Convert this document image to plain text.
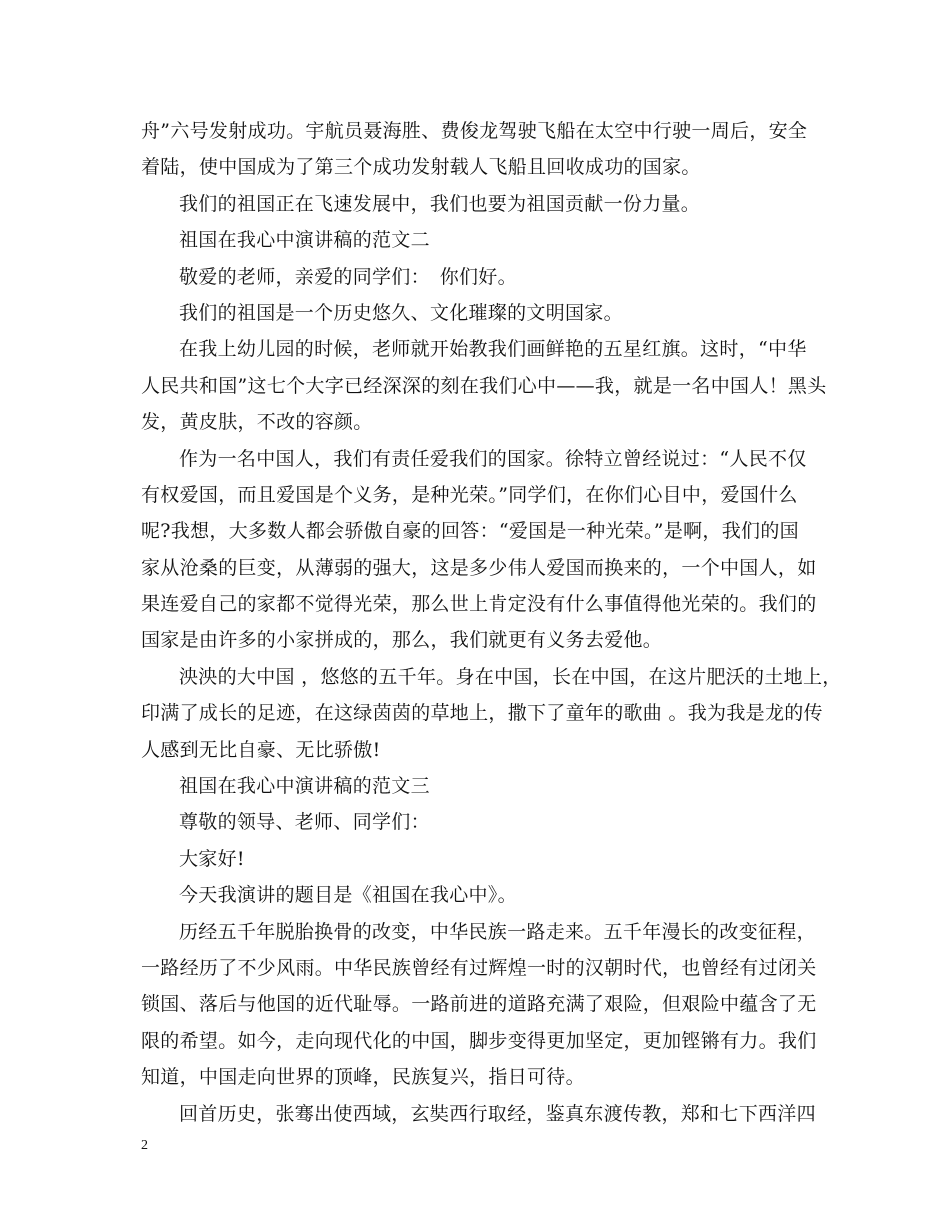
舟”六号发射成功。宇航员聂海胜、费俊龙驾驶飞船在太空中行驶一周后，安全
着陆，使中国成为了第三个成功发射载人飞船且回收成功的国家。
我们的祖国正在飞速发展中，我们也要为祖国贡献一份力量。
祖国在我心中演讲稿的范文二
敬爱的老师，亲爱的同学们：　你们好。
我们的祖国是一个历史悠久、文化璀璨的文明国家。
在我上幼儿园的时候，老师就开始教我们画鲜艳的五星红旗。这时，“中华
人民共和国”这七个大字已经深深的刻在我们心中——我，就是一名中国人！黑头
发，黄皮肤，不改的容颜。
作为一名中国人，我们有责任爱我们的国家。徐特立曾经说过：“人民不仅
有权爱国，而且爱国是个义务，是种光荣。”同学们，在你们心目中，爱国什么
呢?我想，大多数人都会骄傲自豪的回答：“爱国是一种光荣。”是啊，我们的国
家从沧桑的巨变，从薄弱的强大，这是多少伟人爱国而换来的，一个中国人，如
果连爱自己的家都不觉得光荣，那么世上肯定没有什么事值得他光荣的。我们的
国家是由许多的小家拼成的，那么，我们就更有义务去爱他。
泱泱的大中国 ，悠悠的五千年。身在中国，长在中国，在这片肥沃的土地上，
印满了成长的足迹，在这绿茵茵的草地上，撒下了童年的歌曲 。我为我是龙的传
人感到无比自豪、无比骄傲!
祖国在我心中演讲稿的范文三
尊敬的领导、老师、同学们：
大家好!
今天我演讲的题目是《祖国在我心中》。
历经五千年脱胎换骨的改变，中华民族一路走来。五千年漫长的改变征程，
一路经历了不少风雨。中华民族曾经有过辉煌一时的汉朝时代，也曾经有过闭关
锁国、落后与他国的近代耻辱。一路前进的道路充满了艰险，但艰险中蕴含了无
限的希望。如今，走向现代化的中国，脚步变得更加坚定，更加铿锵有力。我们
知道，中国走向世界的顶峰，民族复兴，指日可待。
回首历史，张骞出使西域，玄奘西行取经，鉴真东渡传教，郑和七下西洋四
2
